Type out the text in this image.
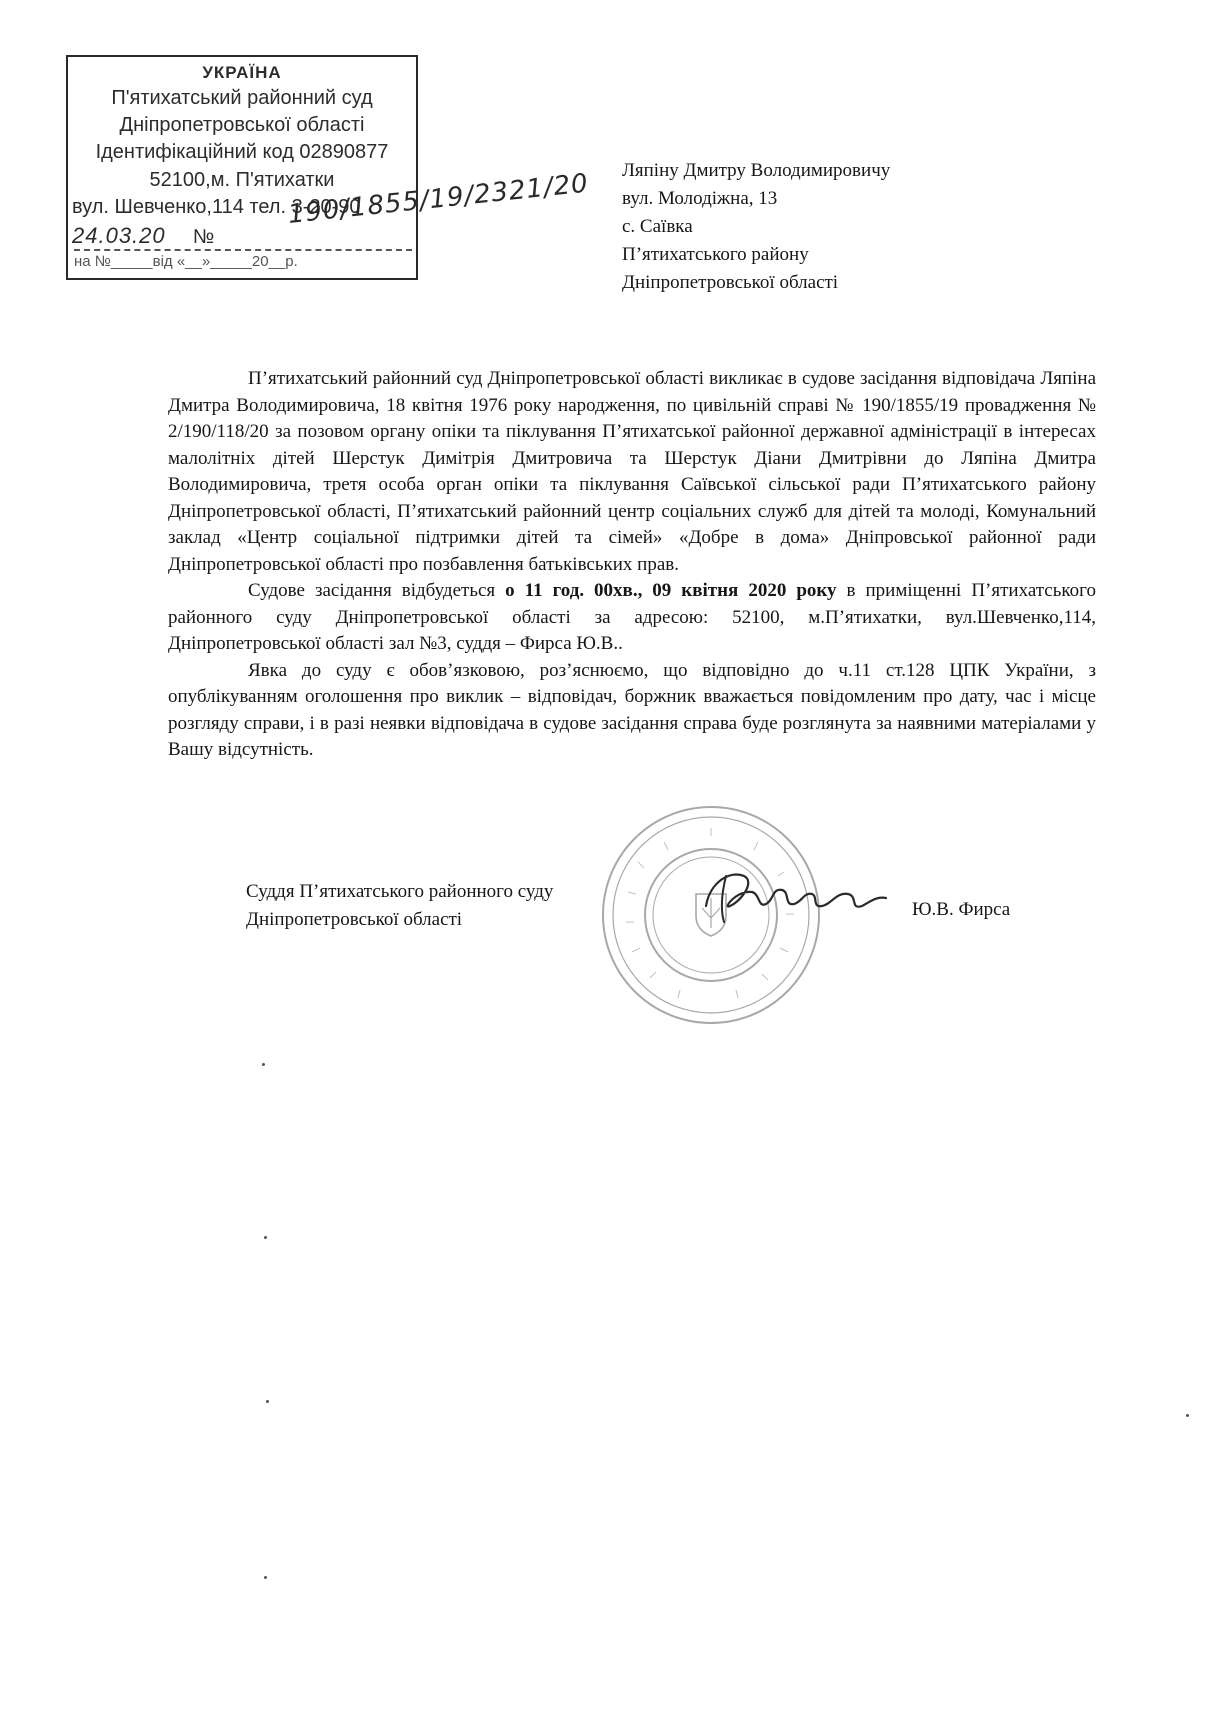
УКРАЇНА
П'ятихатський районний суд
Дніпропетровської області
Ідентифікаційний код 02890877
52100,м. П'ятихатки
вул. Шевченко,114 тел. 3-20-90
24.03.20 №
на №_____від «__»_____20__р.
190/1855/19/2321/20 Ляпіну Дмитру Володимировичу
вул. Молодіжна, 13
с. Саївка
П’ятихатського району
Дніпропетровської області

П’ятихатський районний суд Дніпропетровської області викликає в судове засідання відповідача Ляпіна Дмитра Володимировича, 18 квітня 1976 року народження, по цивільній справі № 190/1855/19 провадження № 2/190/118/20 за позовом органу опіки та піклування П’ятихатської районної державної адміністрації в інтересах малолітніх дітей Шерстук Димітрія Дмитровича та Шерстук Діани Дмитрівни до Ляпіна Дмитра Володимировича, третя особа орган опіки та піклування Саївської сільської ради П’ятихатського району Дніпропетровської області, П’ятихатський районний центр соціальних служб для дітей та молоді, Комунальний заклад «Центр соціальної підтримки дітей та сімей» «Добре в дома» Дніпровської районної ради Дніпропетровської області про позбавлення батьківських прав.

Судове засідання відбудеться о 11 год. 00хв., 09 квітня 2020 року в приміщенні П’ятихатського районного суду Дніпропетровської області за адресою: 52100, м.П’ятихатки, вул.Шевченко,114, Дніпропетровської області зал №3, суддя – Фирса Ю.В..

Явка до суду є обов’язковою, роз’яснюємо, що відповідно до ч.11 ст.128 ЦПК України, з опублікуванням оголошення про виклик – відповідач, боржник вважається повідомленим про дату, час і місце розгляду справи, і в разі неявки відповідача в судове засідання справа буде розглянута за наявними матеріалами у Вашу відсутність.

Суддя П’ятихатського районного суду
Дніпропетровської області	Ю.В. Фирса
